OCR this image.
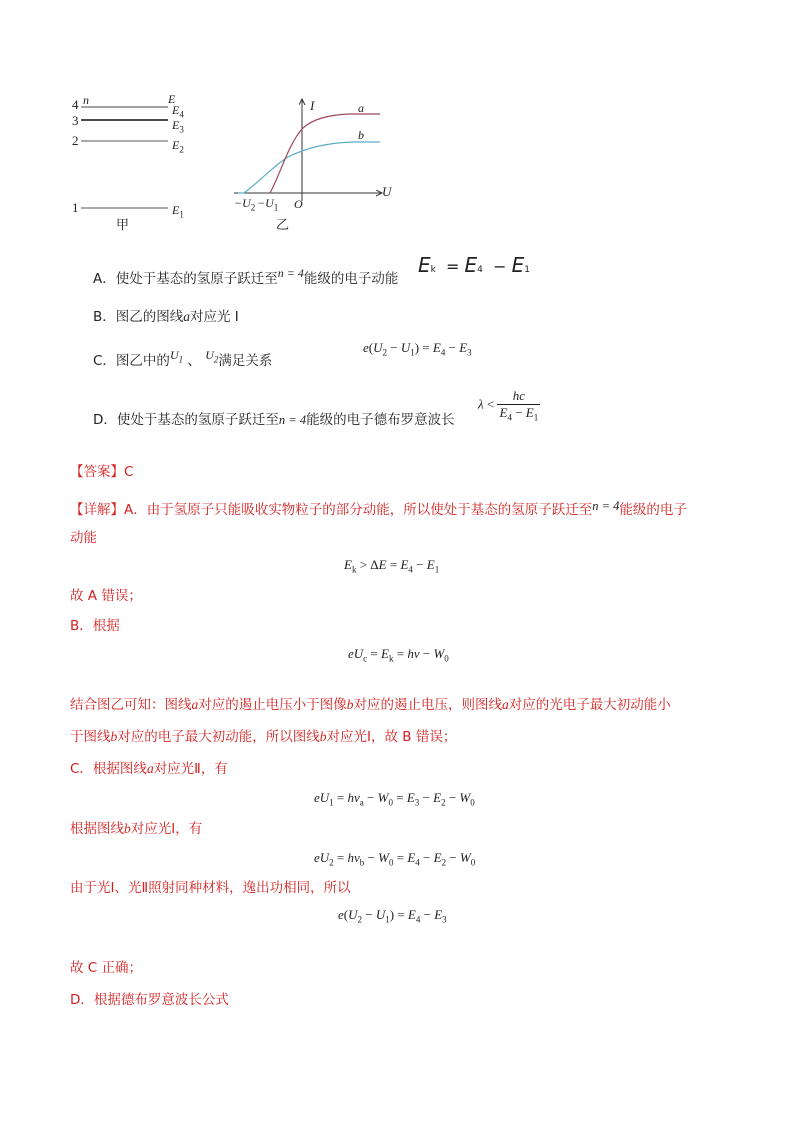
4 n	E
$E_4$
3	$E_3$
2	$E_2$
1	$E_1$
甲
I
U
a
b
O
$-U_2 -U_1$
乙
A．使处于基态的氢原子跃迁至n = 4能级的电子动能
Ek  = E4  − E1
B．图乙的图线a对应光 Ⅰ
C．图乙中的$U_1$ 、 $U_2$满足关系
$e(U_2 - U_1) = E_4 - E_3$
D．使处于基态的氢原子跃迁至n = 4能级的电子德布罗意波长
$\lambda < \frac{hc}{E_4 - E_1}$
【答案】C
【详解】A．由于氢原子只能吸收实物粒子的部分动能，所以使处于基态的氢原子跃迁至n = 4能级的电子
动能
$E_k > \Delta E = E_4 - E_1$
故 A 错误；
B．根据
$eU_c = E_k = h\nu - W_0$
结合图乙可知：图线a对应的遏止电压小于图像b对应的遏止电压，则图线a对应的光电子最大初动能小
于图线b对应的电子最大初动能，所以图线b对应光Ⅰ，故 B 错误；
C．根据图线a对应光Ⅱ，有
$eU_1 = h\nu_a - W_0 = E_3 - E_2 - W_0$
根据图线b对应光Ⅰ，有
$eU_2 = h\nu_b - W_0 = E_4 - E_2 - W_0$
由于光Ⅰ、光Ⅱ照射同种材料，逸出功相同，所以
$e(U_2 - U_1) = E_4 - E_3$
故 C 正确；
D．根据德布罗意波长公式
